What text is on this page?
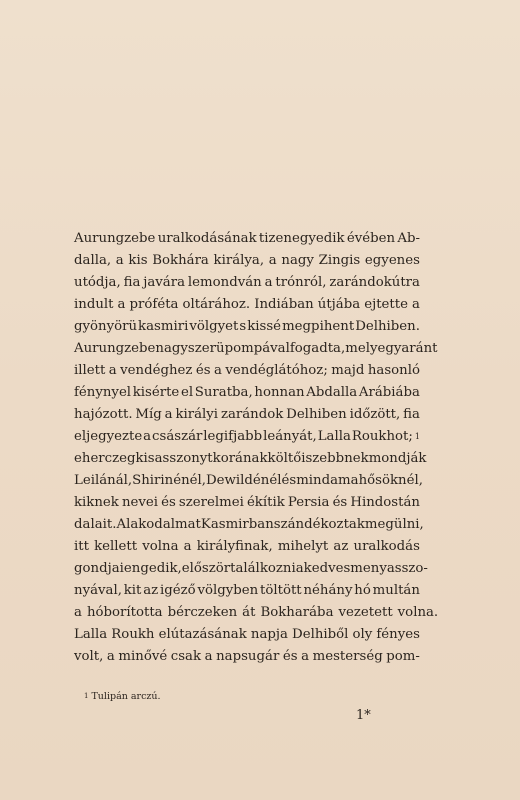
Aurungzebe uralkodásának tizenegyedik évében Ab-
dalla, a kis Bokhára királya, a nagy Zingis egyenes
utódja, fia javára lemondván a trónról, zarándokútra
indult a próféta oltárához. Indiában útjába ejtette a
gyönyörü kasmiri völgyet s kissé megpihent Delhiben.
Aurungzebe nagyszerü pompával fogadta, mely egyaránt
illett a vendéghez és a vendéglátóhoz; majd hasonló
fénynyel kisérte el Suratba, honnan Abdalla Arábiába
hajózott. Míg a királyi zarándok Delhiben időzött, fia
eljegyezte a császár legifjabb leányát, Lalla Roukhot; $^1$
e herczegkisasszonyt korának költői szebbnek mondják
Leilánál, Shirinénél, Dewildénél és mindama hősöknél,
kiknek nevei és szerelmei ékítik Persia és Hindostán
dalait. A lakodalmat Kasmirban szándékoztak megülni,
itt kellett volna a királyfinak, mihelyt az uralkodás
gondjai engedik, először találkoznia kedves menyasszo-
nyával, kit az igéző völgyben töltött néhány hó multán
a hóborította bérczeken át Bokharába vezetett volna.
Lalla Roukh elútazásának napja Delhiből oly fényes
volt, a minővé csak a napsugár és a mesterség pom-
$^1$ Tulipán arczú.
1*
